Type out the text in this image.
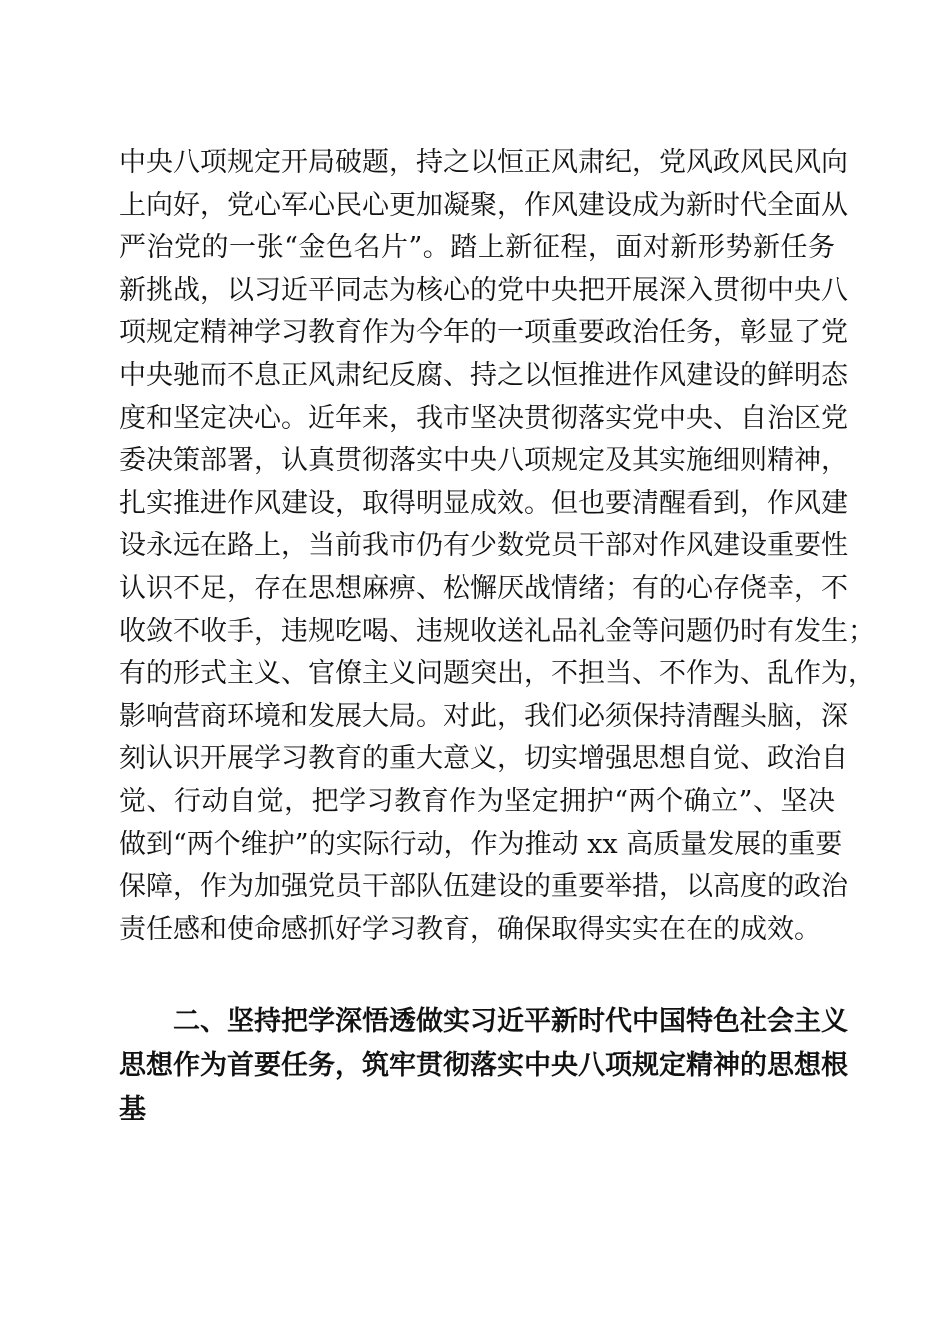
中央八项规定开局破题，持之以恒正风肃纪，党风政风民风向
上向好，党心军心民心更加凝聚，作风建设成为新时代全面从
严治党的一张“金色名片”。踏上新征程，面对新形势新任务
新挑战，以习近平同志为核心的党中央把开展深入贯彻中央八
项规定精神学习教育作为今年的一项重要政治任务，彰显了党
中央驰而不息正风肃纪反腐、持之以恒推进作风建设的鲜明态
度和坚定决心。近年来，我市坚决贯彻落实党中央、自治区党
委决策部署，认真贯彻落实中央八项规定及其实施细则精神，
扎实推进作风建设，取得明显成效。但也要清醒看到，作风建
设永远在路上，当前我市仍有少数党员干部对作风建设重要性
认识不足，存在思想麻痹、松懈厌战情绪；有的心存侥幸，不
收敛不收手，违规吃喝、违规收送礼品礼金等问题仍时有发生；
有的形式主义、官僚主义问题突出，不担当、不作为、乱作为，
影响营商环境和发展大局。对此，我们必须保持清醒头脑，深
刻认识开展学习教育的重大意义，切实增强思想自觉、政治自
觉、行动自觉，把学习教育作为坚定拥护“两个确立”、坚决
做到“两个维护”的实际行动，作为推动 xx 高质量发展的重要
保障，作为加强党员干部队伍建设的重要举措，以高度的政治
责任感和使命感抓好学习教育，确保取得实实在在的成效。
二、坚持把学深悟透做实习近平新时代中国特色社会主义
思想作为首要任务，筑牢贯彻落实中央八项规定精神的思想根
基
